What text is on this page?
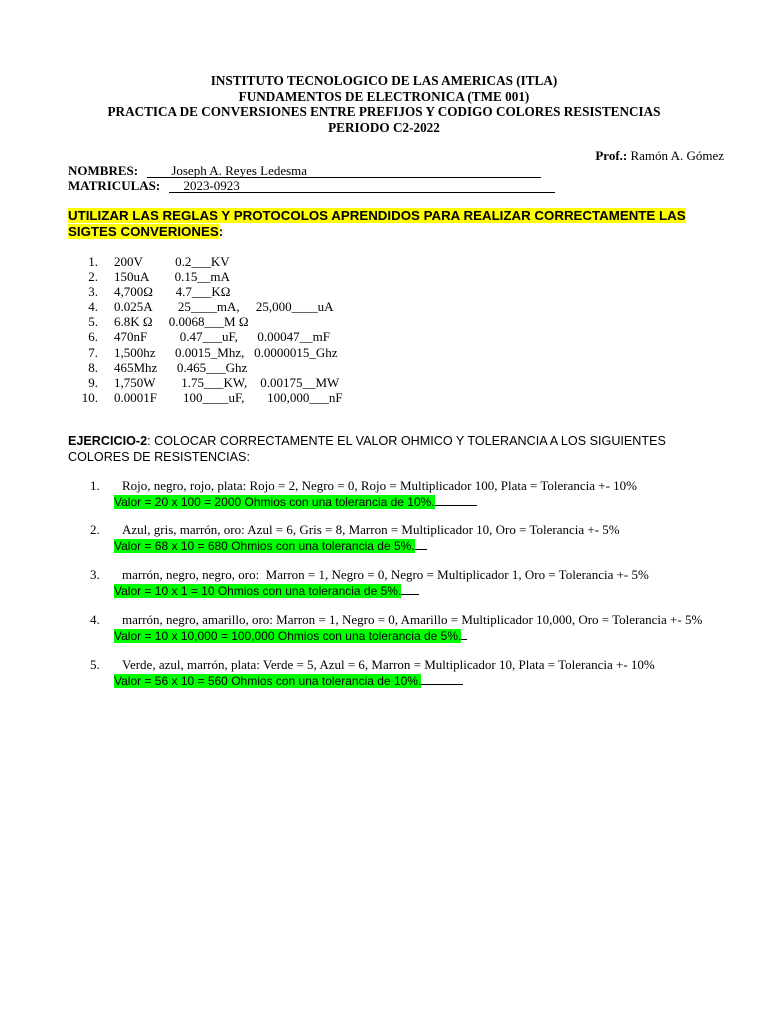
INSTITUTO TECNOLOGICO DE LAS AMERICAS (ITLA)
FUNDAMENTOS DE ELECTRONICA (TME 001)
PRACTICA DE CONVERSIONES ENTRE PREFIJOS Y CODIGO COLORES RESISTENCIAS
PERIODO C2-2022
Prof.: Ramón A. Gómez
NOMBRES:	Joseph A. Reyes Ledesma
MATRICULAS: 2023-0923
UTILIZAR LAS REGLAS Y PROTOCOLOS APRENDIDOS PARA REALIZAR CORRECTAMENTE LAS SIGTES CONVERIONES:
1. 200V          0.2___KV
2. 150uA        0.15__mA
3. 4,700Ω       4.7___KΩ
4. 0.025A        25____mA,     25,000____uA
5. 6.8K Ω     0.0068___M Ω
6. 470nF          0.47___uF,      0.00047__mF
7. 1,500hz      0.0015_Mhz,   0.0000015_Ghz
8. 465Mhz      0.465___Ghz
9. 1,750W        1.75___KW,    0.00175__MW
10. 0.0001F        100____uF,       100,000___nF
EJERCICIO-2: COLOCAR CORRECTAMENTE EL VALOR OHMICO Y TOLERANCIA A LOS SIGUIENTES COLORES DE RESISTENCIAS:
1. Rojo, negro, rojo, plata: Rojo = 2, Negro = 0, Rojo = Multiplicador 100, Plata = Tolerancia +- 10%
Valor = 20 x 100 = 2000 Ohmios con una tolerancia de 10%.
2. Azul, gris, marrón, oro: Azul = 6, Gris = 8, Marron = Multiplicador 10, Oro = Tolerancia +- 5%
Valor = 68 x 10 = 680 Ohmios con una tolerancia de 5%.
3. marrón, negro, negro, oro:  Marron = 1, Negro = 0, Negro = Multiplicador 1, Oro = Tolerancia +- 5%
Valor = 10 x 1 = 10 Ohmios con una tolerancia de 5%.
4. marrón, negro, amarillo, oro: Marron = 1, Negro = 0, Amarillo = Multiplicador 10,000, Oro = Tolerancia +- 5%
Valor = 10 x 10,000 = 100,000 Ohmios con una tolerancia de 5%.
5. Verde, azul, marrón, plata: Verde = 5, Azul = 6, Marron = Multiplicador 10, Plata = Tolerancia +- 10%
Valor = 56 x 10 = 560 Ohmios con una tolerancia de 10%.
